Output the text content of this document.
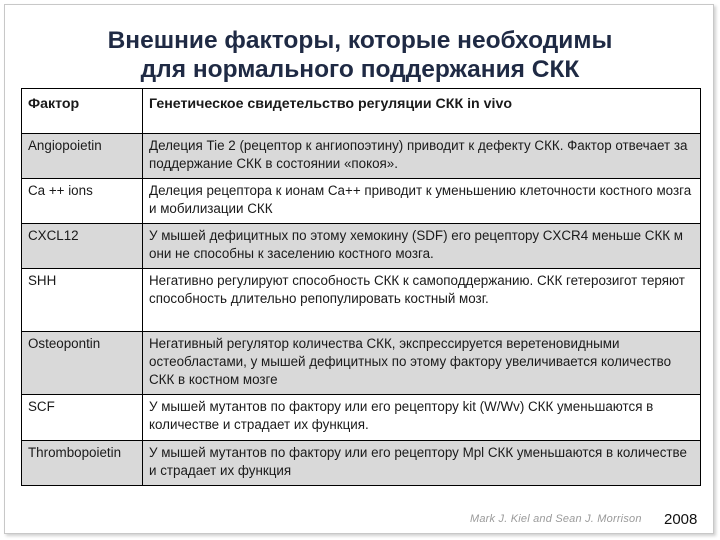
Внешние факторы, которые необходимы
для нормального поддержания СКК
Фактор	Генетическое свидетельство регуляции СКК in vivo
Angiopoietin	Делеция Tie 2 (рецептор к ангиопоэтину) приводит к дефекту СКК. Фактор отвечает за поддержание СКК в состоянии «покоя».
Ca ++ ions	Делеция рецептора к ионам Ca++ приводит к уменьшению клеточности костного мозга и мобилизации СКК
CXCL12	У мышей дефицитных по этому хемокину (SDF) его рецептору CXCR4 меньше СКК м они не способны к заселению костного мозга.
SHH	Негативно регулируют способность СКК к самоподдержанию. СКК гетерозигот теряют способность длительно репопулировать костный мозг.
Osteopontin	Негативный регулятор количества СКК, экспрессируется веретеновидными остеобластами, у мышей дефицитных по этому фактору увеличивается количество СКК в костном мозге
SCF	У мышей мутантов по фактору или его рецептору kit (W/Wv) СКК уменьшаются в количестве и страдает их функция.
Thrombopoietin	У мышей мутантов по фактору или его рецептору Mpl СКК уменьшаются в количестве и страдает их функция
Mark J. Kiel and Sean J. Morrison 2008
